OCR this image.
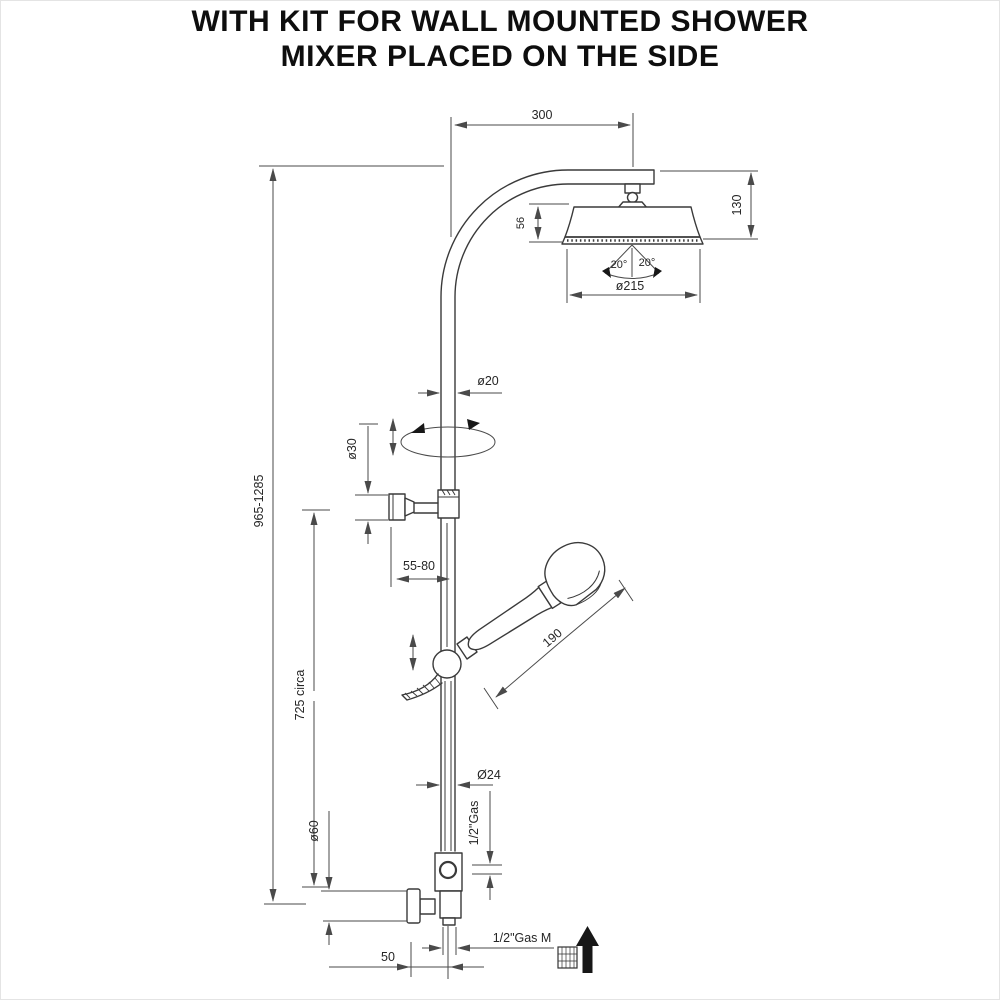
WITH KIT FOR WALL MOUNTED SHOWER
MIXER PLACED ON THE SIDE
300
130
56
20° 20°
ø215
ø20
ø30
55-80
965-1285
725 circa
190
Ø24
1/2"Gas
ø60
50
1/2"Gas M
